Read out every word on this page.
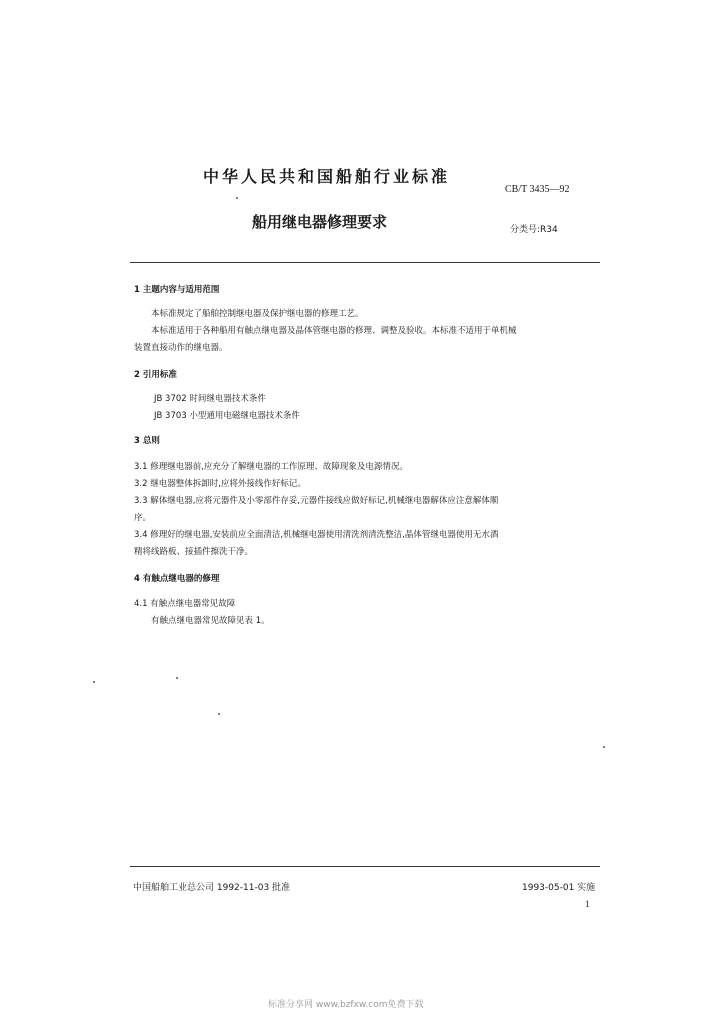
中华人民共和国船舶行业标准
CB/T 3435—92
船用继电器修理要求	分类号:R34
1 主题内容与适用范围
本标准规定了船舶控制继电器及保护继电器的修理工艺。
本标准适用于各种船用有触点继电器及晶体管继电器的修理、调整及验收。本标准不适用于单机械
装置直接动作的继电器。
2 引用标准
JB 3702 时间继电器技术条件
JB 3703 小型通用电磁继电器技术条件
3 总则
3.1 修理继电器前,应充分了解继电器的工作原理、故障现象及电源情况。
3.2 继电器整体拆卸时,应将外接线作好标记。
3.3 解体继电器,应将元器件及小零部件存妥,元器件接线应做好标记,机械继电器解体应注意解体顺
序。
3.4 修理好的继电器,安装前应全面清洁,机械继电器使用清洗剂清洗整洁,晶体管继电器使用无水酒
精将线路板、接插件擦洗干净。
4 有触点继电器的修理
4.1 有触点继电器常见故障
有触点继电器常见故障见表 1。
中国船舶工业总公司 1992-11-03 批准	1993-05-01 实施
1
标准分享网 www.bzfxw.com免费下载
